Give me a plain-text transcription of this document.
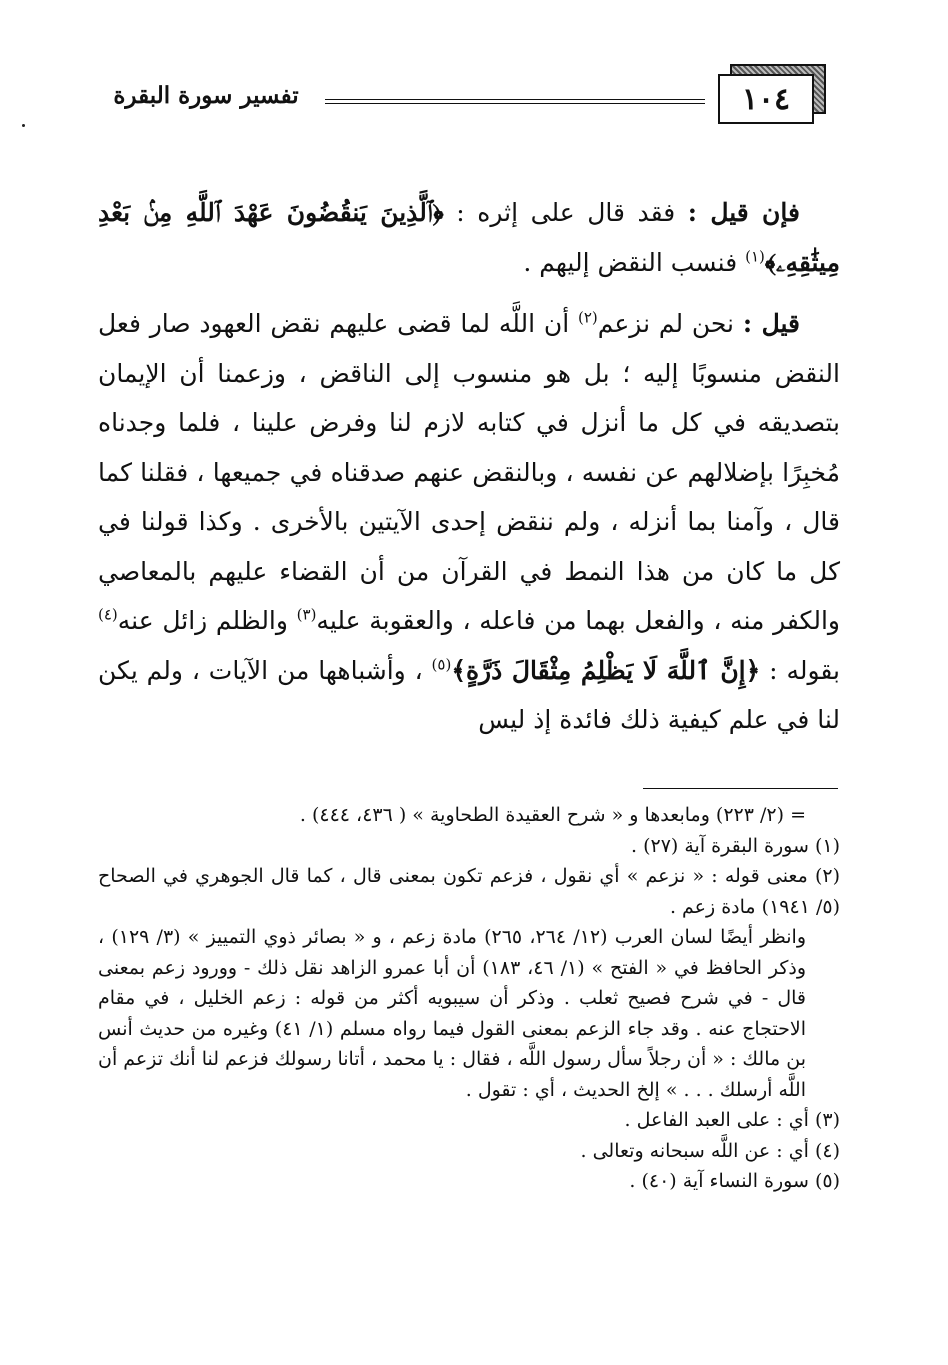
١٠٤
تفسير سورة البقرة

فإن قيل : فقد قال على إثره : ﴿ٱلَّذِينَ يَنقُضُونَ عَهْدَ ٱللَّهِ مِنۢ بَعْدِ مِيثَٰقِهِۦ﴾$^{(١)}$ فنسب النقض إليهم .

قيل : نحن لم نزعم$^{(٢)}$ أن اللَّه لما قضى عليهم نقض العهود صار فعل النقض منسوبًا إليه ؛ بل هو منسوب إلى الناقض ، وزعمنا أن الإيمان بتصديقه في كل ما أنزل في كتابه لازم لنا وفرض علينا ، فلما وجدناه مُخبِرًا بإضلالهم عن نفسه ، وبالنقض عنهم صدقناه في جميعها ، فقلنا كما قال ، وآمنا بما أنزله ، ولم ننقض إحدى الآيتين بالأخرى . وكذا قولنا في كل ما كان من هذا النمط في القرآن من أن القضاء عليهم بالمعاصي والكفر منه ، والفعل بهما من فاعله ، والعقوبة عليه$^{(٣)}$ والظلم زائل عنه$^{(٤)}$ بقوله : ﴿إِنَّ ٱللَّهَ لَا يَظْلِمُ مِثْقَالَ ذَرَّةٍ﴾$^{(٥)}$ ، وأشباهها من الآيات ، ولم يكن لنا في علم كيفية ذلك فائدة إذ ليس

= (٢/ ٢٢٣) ومابعدها و « شرح العقيدة الطحاوية » ( ٤٣٦، ٤٤٤) .

(١) سورة البقرة آية (٢٧) .

(٢) معنى قوله : « نزعم » أي نقول ، فزعم تكون بمعنى قال ، كما قال الجوهري في الصحاح (٥/ ١٩٤١) مادة زعم .

وانظر أيضًا لسان العرب (١٢/ ٢٦٤، ٢٦٥) مادة زعم ، و « بصائر ذوي التمييز » (٣/ ١٢٩) ، وذكر الحافظ في « الفتح » (١/ ٤٦، ١٨٣) أن أبا عمرو الزاهد نقل ذلك - وورود زعم بمعنى قال - في شرح فصيح ثعلب . وذكر أن سيبويه أكثر من قوله : زعم الخليل ، في مقام الاحتجاج عنه . وقد جاء الزعم بمعنى القول فيما رواه مسلم (١/ ٤١) وغيره من حديث أنس بن مالك : « أن رجلاً سأل رسول اللَّه ، فقال : يا محمد ، أتانا رسولك فزعم لنا أنك تزعم أن اللَّه أرسلك . . . » إلخ الحديث ، أي : تقول .

(٣) أي : على العبد الفاعل .

(٤) أي : عن اللَّه سبحانه وتعالى .

(٥) سورة النساء آية (٤٠) .
